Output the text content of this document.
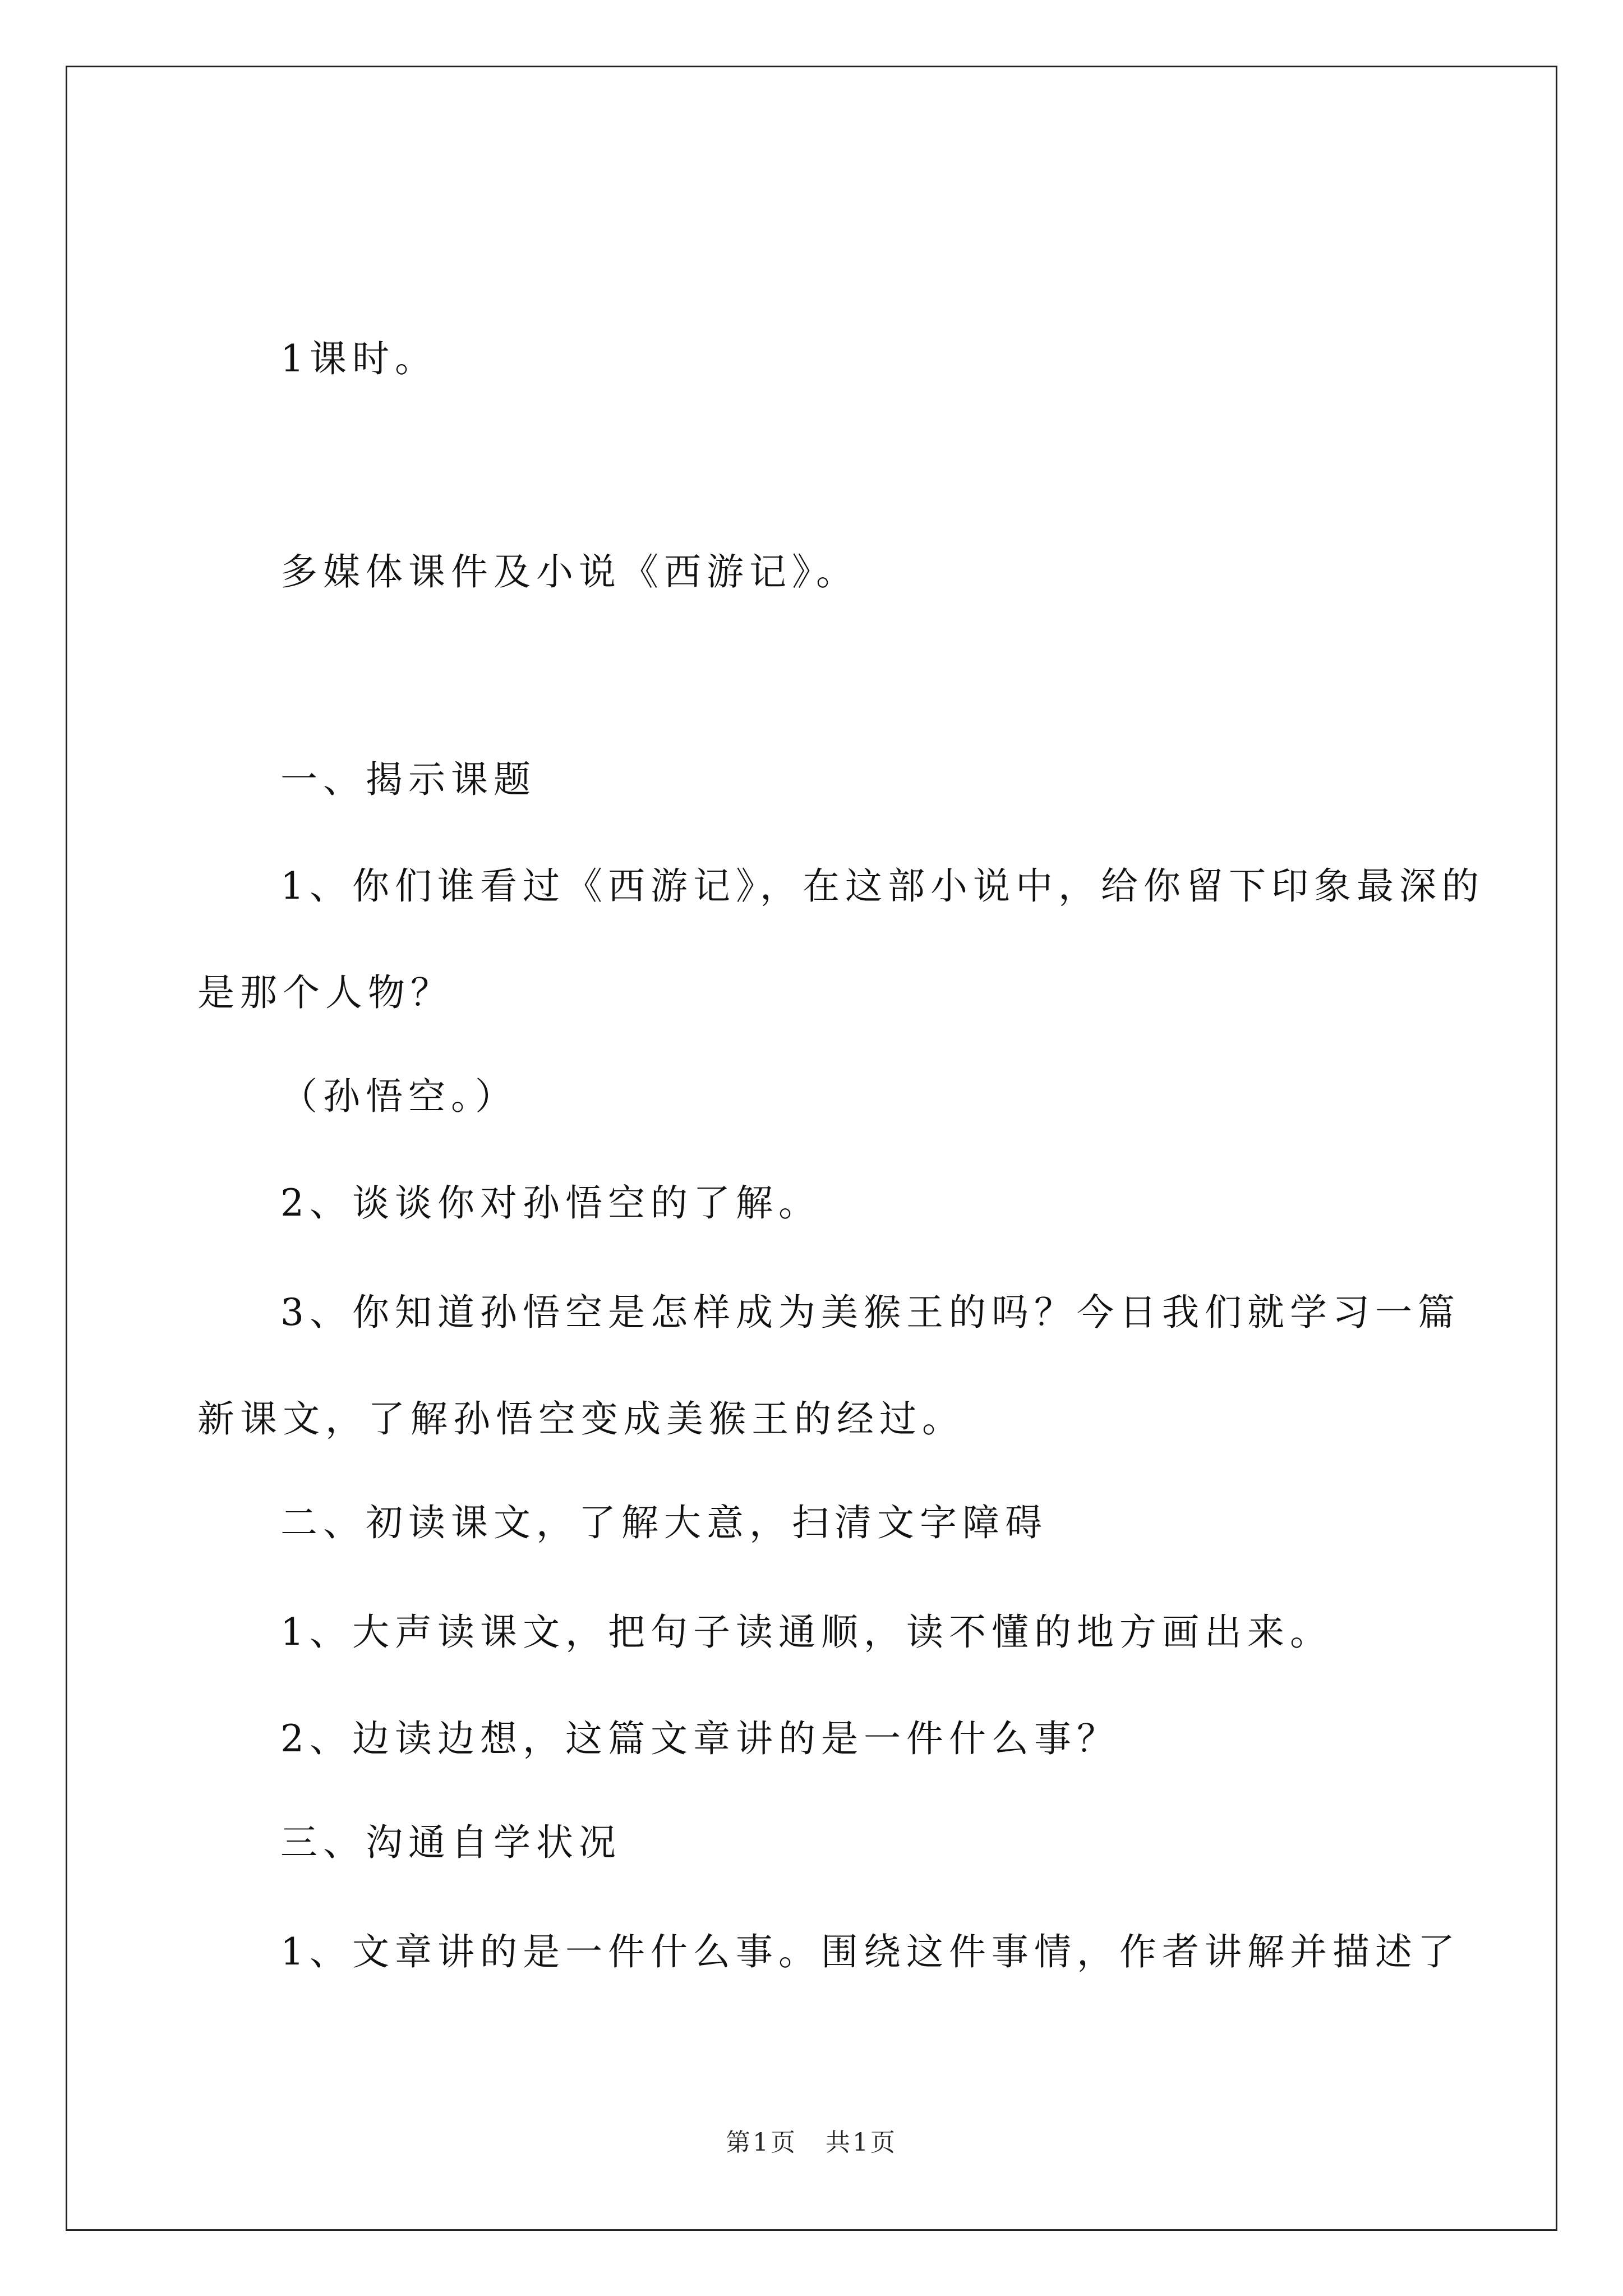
1课时。

多媒体课件及小说《西游记》。

一、揭示课题

1、你们谁看过《西游记》，在这部小说中，给你留下印象最深的

是那个人物？

（孙悟空。）

2、谈谈你对孙悟空的了解。

3、你知道孙悟空是怎样成为美猴王的吗？今日我们就学习一篇

新课文，了解孙悟空变成美猴王的经过。

二、初读课文，了解大意，扫清文字障碍

1、大声读课文，把句子读通顺，读不懂的地方画出来。

2、边读边想，这篇文章讲的是一件什么事？

三、沟通自学状况

1、文章讲的是一件什么事。围绕这件事情，作者讲解并描述了

第1页 共1页
